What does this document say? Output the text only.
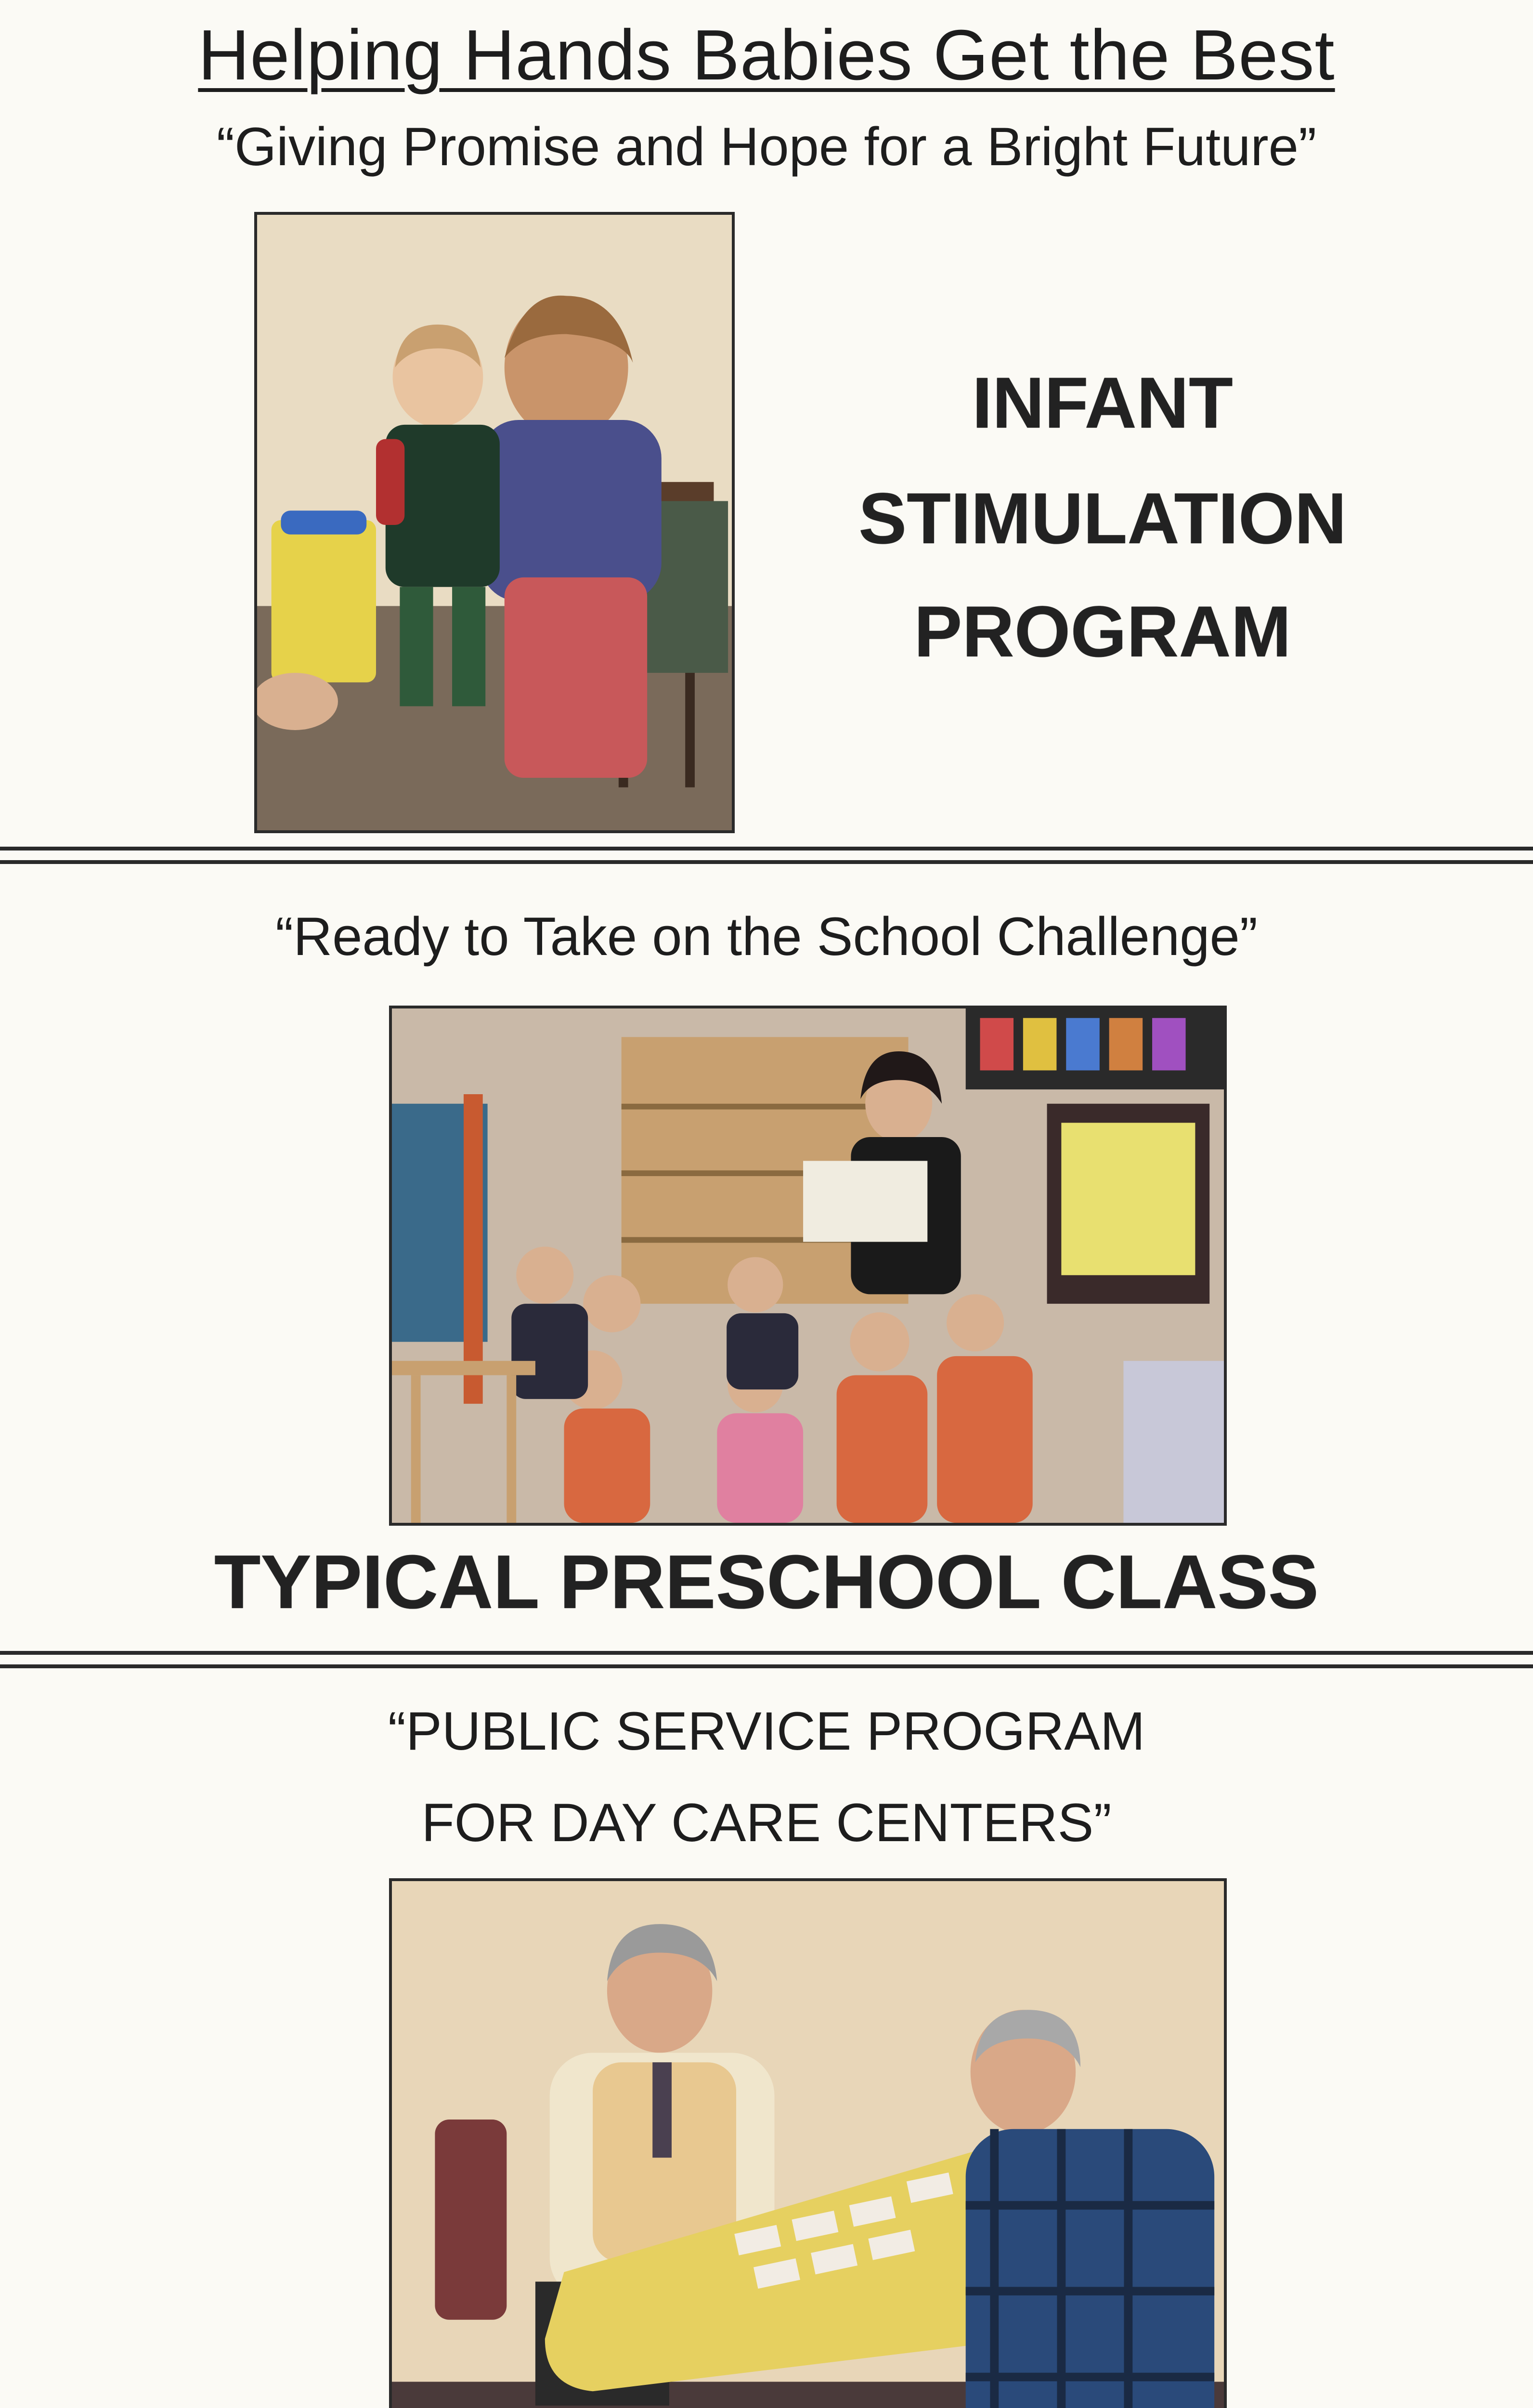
Helping Hands Babies Get the Best
“Giving Promise and Hope for a Bright Future”
INFANT
STIMULATION
PROGRAM
“Ready to Take on the School Challenge”
TYPICAL PRESCHOOL CLASS
“PUBLIC SERVICE PROGRAM
FOR DAY CARE CENTERS”
